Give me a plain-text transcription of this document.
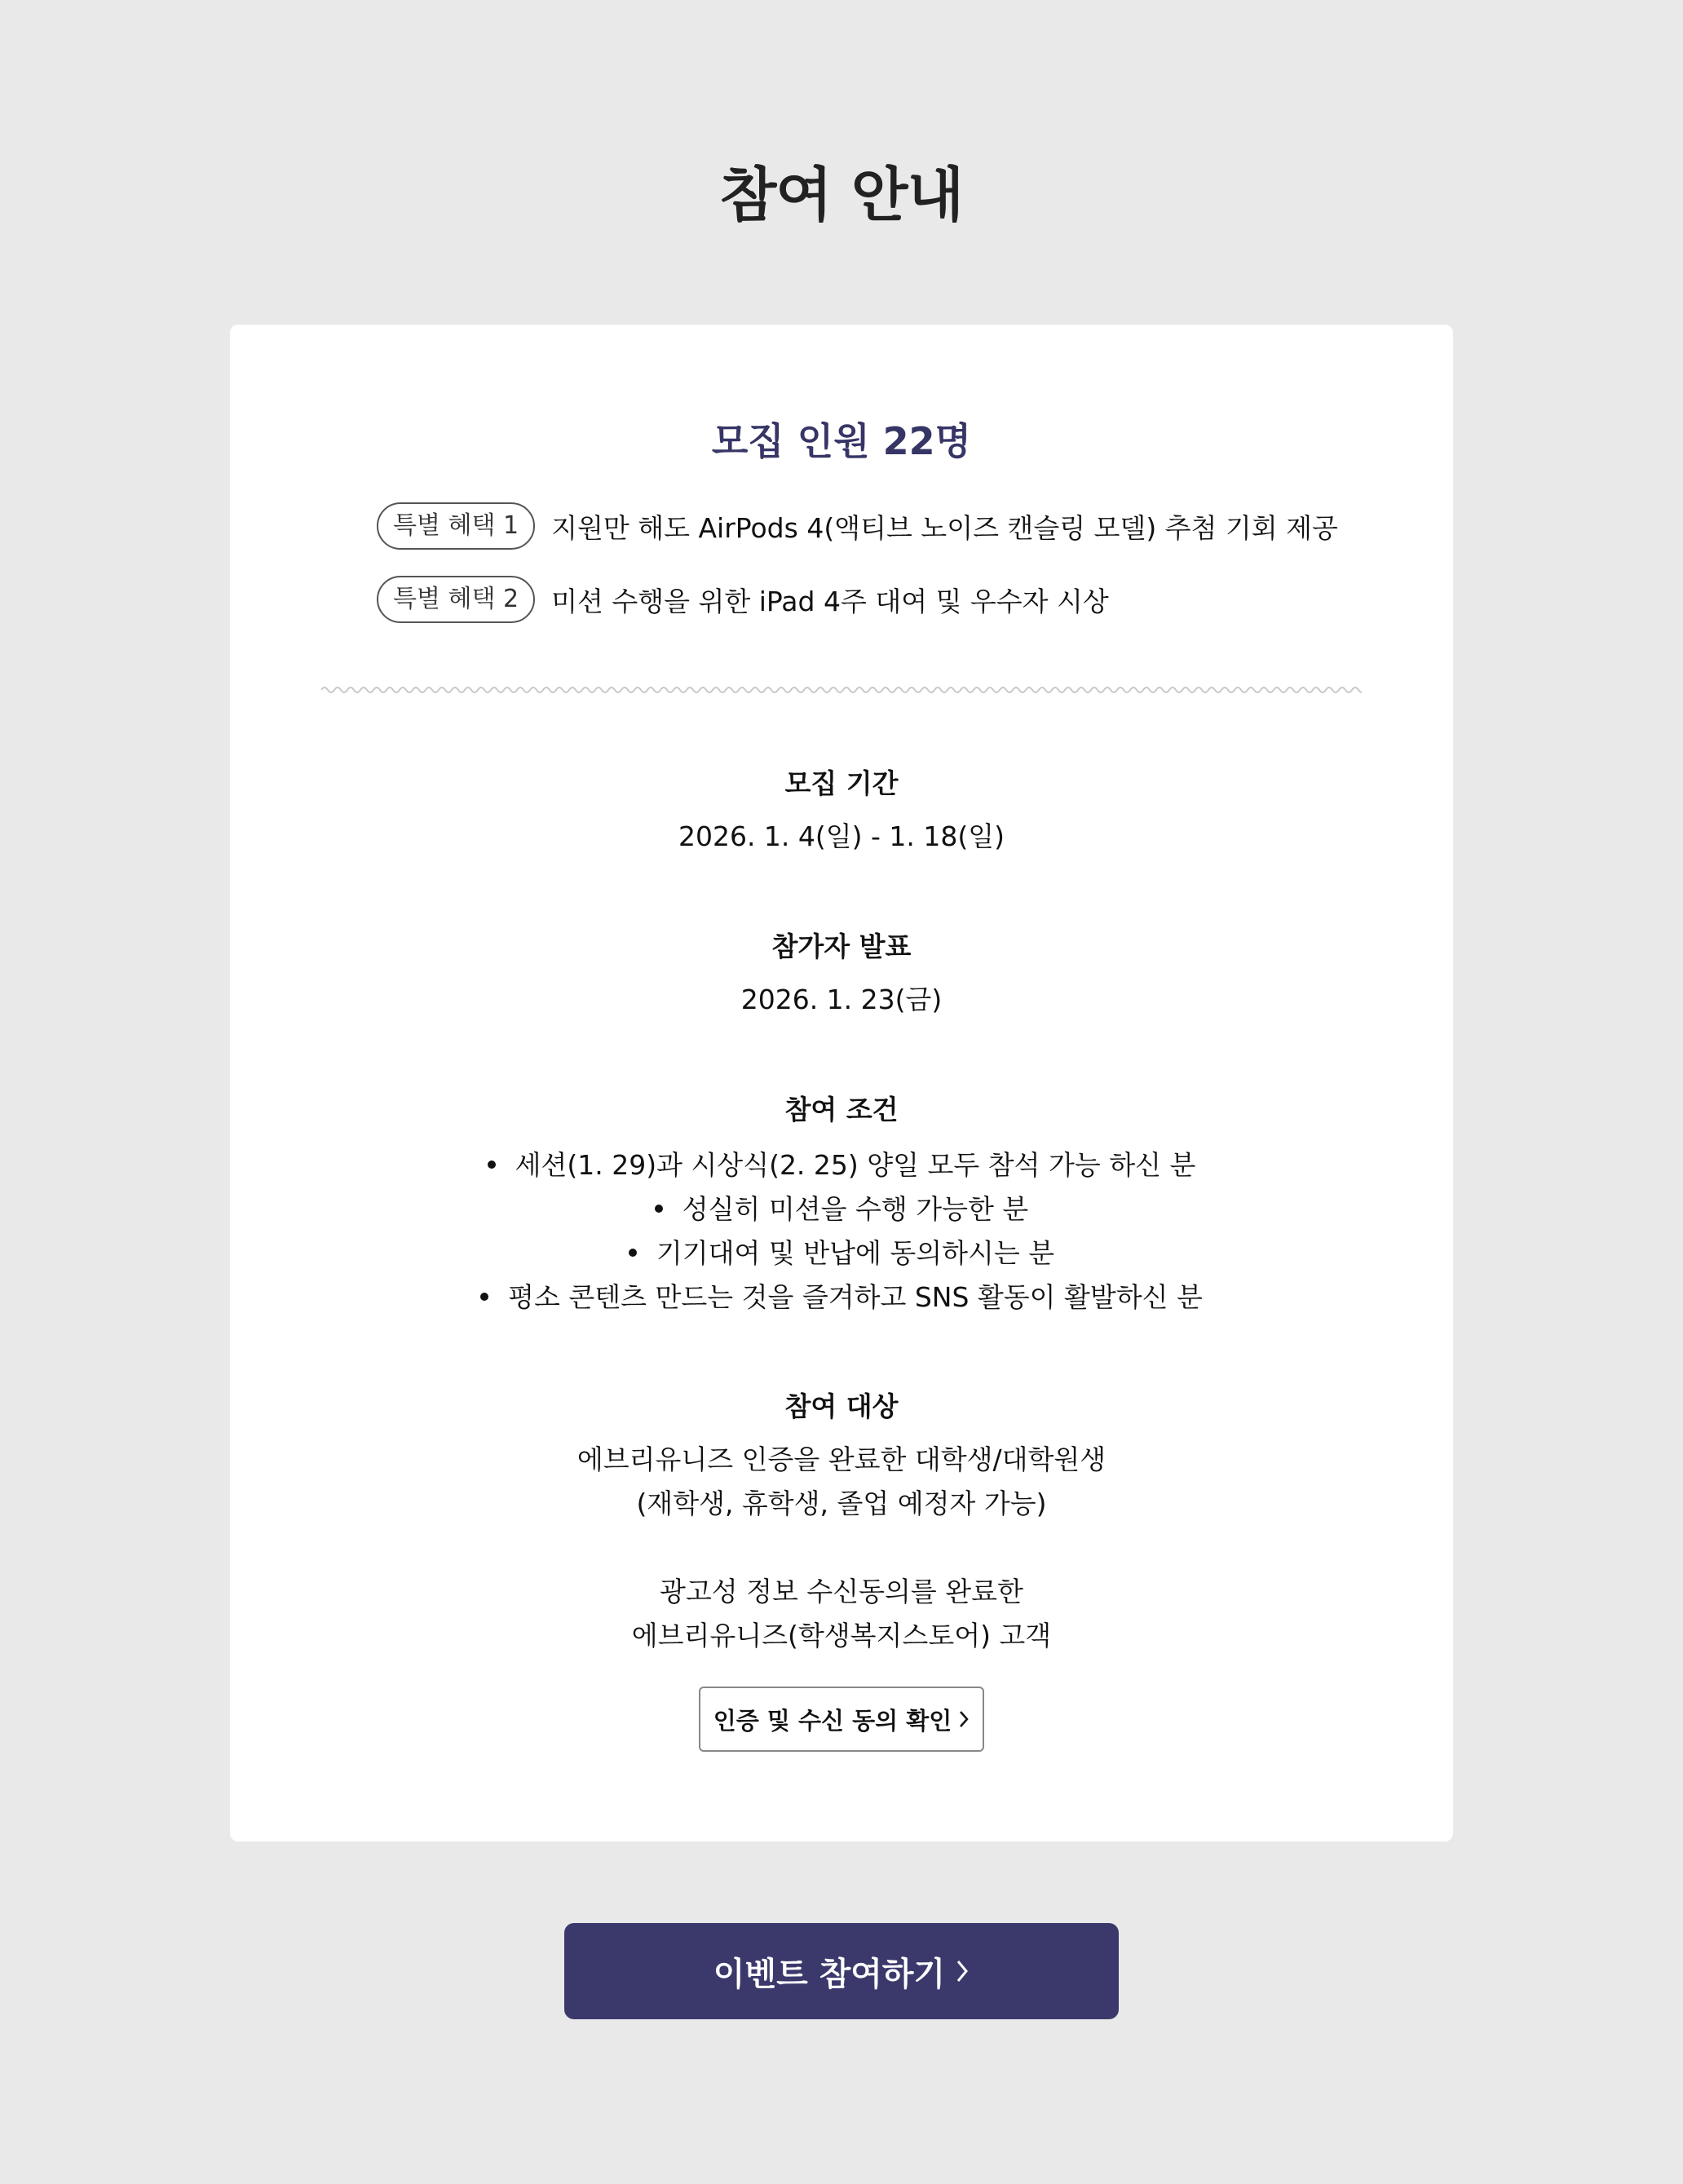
참여 안내
모집 인원 22명
특별 혜택 1	지원만 해도 AirPods 4(액티브 노이즈 캔슬링 모델) 추첨 기회 제공
특별 혜택 2	미션 수행을 위한 iPad 4주 대여 및 우수자 시상
모집 기간
2026. 1. 4(일) - 1. 18(일)
참가자 발표
2026. 1. 23(금)
참여 조건
세션(1. 29)과 시상식(2. 25) 양일 모두 참석 가능 하신 분
성실히 미션을 수행 가능한 분
기기대여 및 반납에 동의하시는 분
평소 콘텐츠 만드는 것을 즐겨하고 SNS 활동이 활발하신 분
참여 대상
에브리유니즈 인증을 완료한 대학생/대학원생
(재학생, 휴학생, 졸업 예정자 가능)
광고성 정보 수신동의를 완료한
에브리유니즈(학생복지스토어) 고객
인증 및 수신 동의 확인
이벤트 참여하기
